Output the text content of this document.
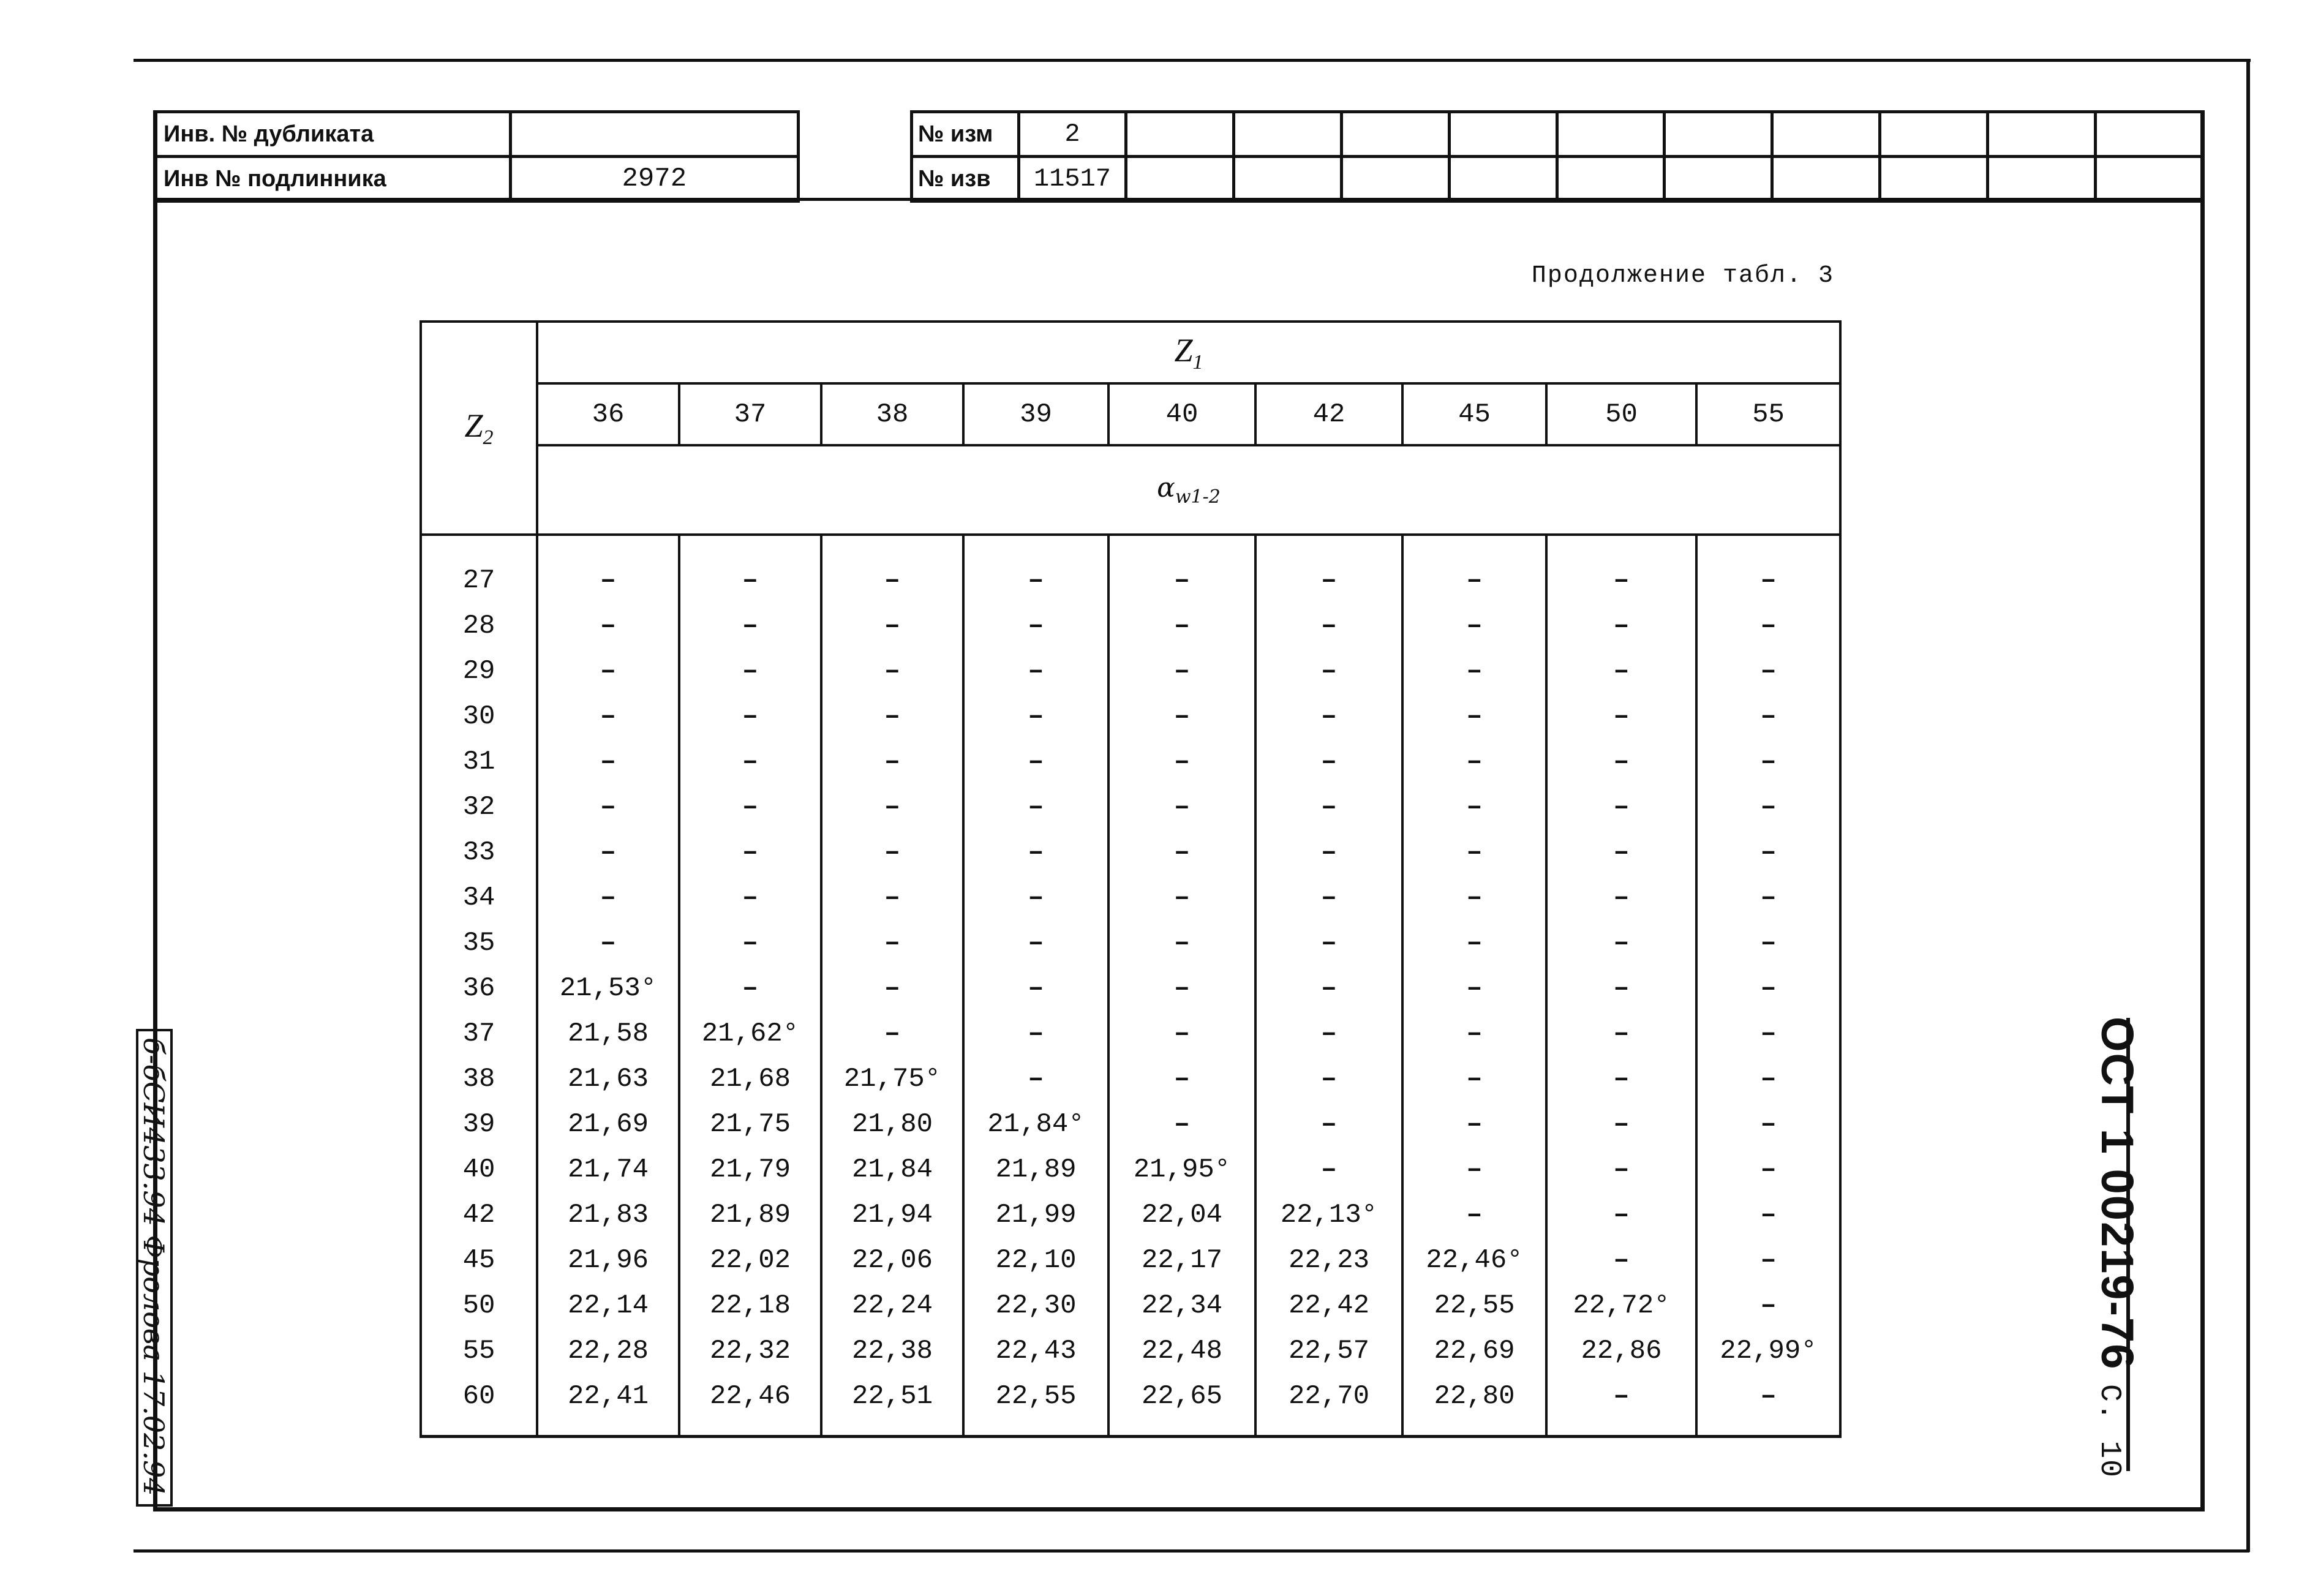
Инв. № дубликата	
Инв № подлинника	2972
№ изм	2										
№ изв	11517										
Продолжение табл. 3
$Z_2$	$Z_1$
	36	37	38	39	40	42	45	50	55
	$\alpha_{w1-2}$
27	–	–	–	–	–	–	–	–	–
28	–	–	–	–	–	–	–	–	–
29	–	–	–	–	–	–	–	–	–
30	–	–	–	–	–	–	–	–	–
31	–	–	–	–	–	–	–	–	–
32	–	–	–	–	–	–	–	–	–
33	–	–	–	–	–	–	–	–	–
34	–	–	–	–	–	–	–	–	–
35	–	–	–	–	–	–	–	–	–
36	21,53°	–	–	–	–	–	–	–	–
37	21,58	21,62°	–	–	–	–	–	–	–
38	21,63	21,68	21,75°	–	–	–	–	–	–
39	21,69	21,75	21,80	21,84°	–	–	–	–	–
40	21,74	21,79	21,84	21,89	21,95°	–	–	–	–
42	21,83	21,89	21,94	21,99	22,04	22,13°	–	–	–
45	21,96	22,02	22,06	22,10	22,17	22,23	22,46°	–	–
50	22,14	22,18	22,24	22,30	22,34	22,42	22,55	22,72°	–
55	22,28	22,32	22,38	22,43	22,48	22,57	22,69	22,86	22,99°
60	22,41	22,46	22,51	22,55	22,65	22,70	22,80	–	–
ОСТ 1 00219-76 С. 10
б-бСИ433.94 Фролова 17.02.94
